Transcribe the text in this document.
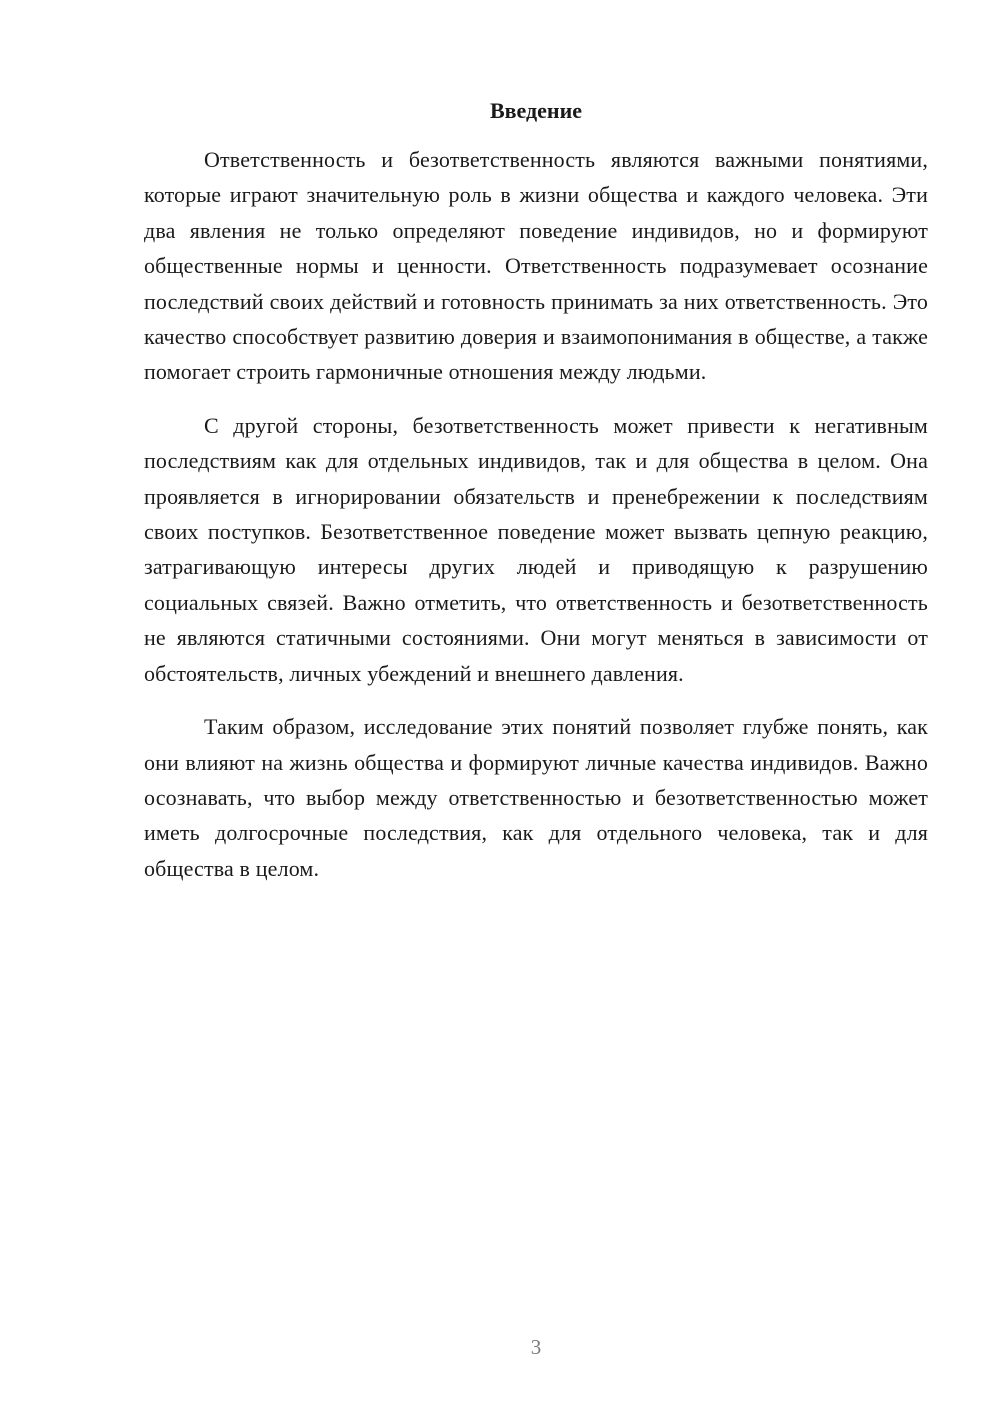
Введение

Ответственность и безответственность являются важными понятиями, которые играют значительную роль в жизни общества и каждого человека. Эти два явления не только определяют поведение индивидов, но и формируют общественные нормы и ценности. Ответственность подразумевает осознание последствий своих действий и готовность принимать за них ответственность. Это качество способствует развитию доверия и взаимопонимания в обществе, а также помогает строить гармоничные отношения между людьми.

С другой стороны, безответственность может привести к негативным последствиям как для отдельных индивидов, так и для общества в целом. Она проявляется в игнорировании обязательств и пренебрежении к последствиям своих поступков. Безответственное поведение может вызвать цепную реакцию, затрагивающую интересы других людей и приводящую к разрушению социальных связей. Важно отметить, что ответственность и безответственность не являются статичными состояниями. Они могут меняться в зависимости от обстоятельств, личных убеждений и внешнего давления.

Таким образом, исследование этих понятий позволяет глубже понять, как они влияют на жизнь общества и формируют личные качества индивидов. Важно осознавать, что выбор между ответственностью и безответственностью может иметь долгосрочные последствия, как для отдельного человека, так и для общества в целом.

3
